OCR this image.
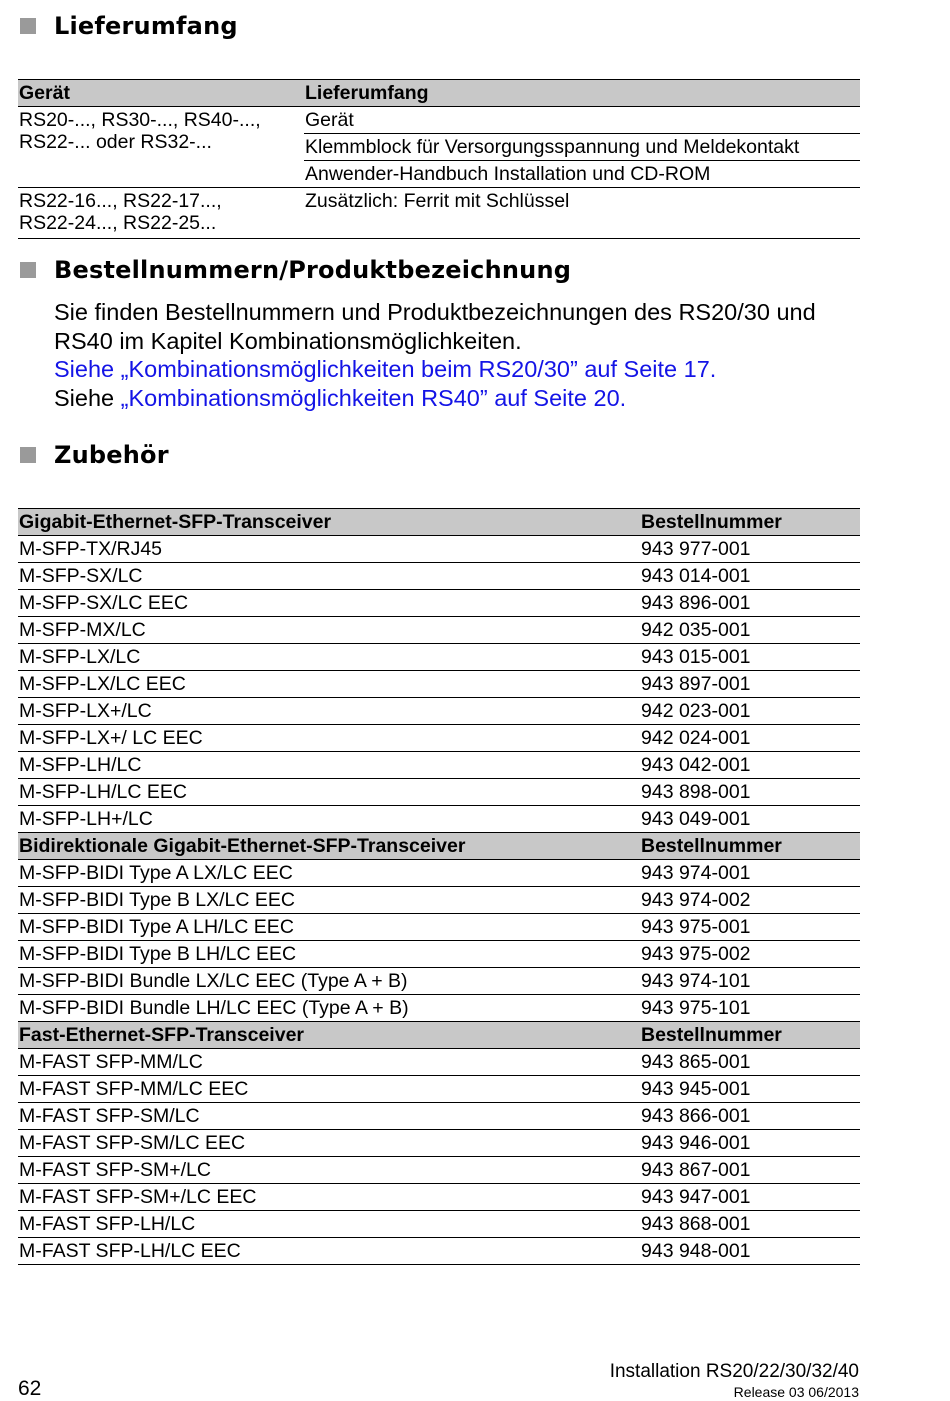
Lieferumfang
Gerät	Lieferumfang

RS20-..., RS30-..., RS40-...,
RS22-... oder RS32-...	Gerät
	Klemmblock für Versorgungsspannung und Meldekontakt
	Anwender-Handbuch Installation und CD-ROM

RS22-16..., RS22-17...,
RS22-24..., RS22-25...	Zusätzlich: Ferrit mit Schlüssel
Bestellnummern/Produktbezeichnung
Sie finden Bestellnummern und Produktbezeichnungen des RS20/30 und
RS40 im Kapitel Kombinationsmöglichkeiten.
Siehe „Kombinationsmöglichkeiten beim RS20/30” auf Seite 17.
Siehe „Kombinationsmöglichkeiten RS40” auf Seite 20.
Zubehör
Gigabit-Ethernet-SFP-Transceiver	Bestellnummer
M-SFP-TX/RJ45	943 977-001
M-SFP-SX/LC	943 014-001
M-SFP-SX/LC EEC	943 896-001
M-SFP-MX/LC	942 035-001
M-SFP-LX/LC	943 015-001
M-SFP-LX/LC EEC	943 897-001
M-SFP-LX+/LC	942 023-001
M-SFP-LX+/ LC EEC	942 024-001
M-SFP-LH/LC	943 042-001
M-SFP-LH/LC EEC	943 898-001
M-SFP-LH+/LC	943 049-001
Bidirektionale Gigabit-Ethernet-SFP-Transceiver	Bestellnummer
M-SFP-BIDI Type A LX/LC EEC	943 974-001
M-SFP-BIDI Type B LX/LC EEC	943 974-002
M-SFP-BIDI Type A LH/LC EEC	943 975-001
M-SFP-BIDI Type B LH/LC EEC	943 975-002
M-SFP-BIDI Bundle LX/LC EEC (Type A + B)	943 974-101
M-SFP-BIDI Bundle LH/LC EEC (Type A + B)	943 975-101
Fast-Ethernet-SFP-Transceiver	Bestellnummer
M-FAST SFP-MM/LC	943 865-001
M-FAST SFP-MM/LC EEC	943 945-001
M-FAST SFP-SM/LC	943 866-001
M-FAST SFP-SM/LC EEC	943 946-001
M-FAST SFP-SM+/LC	943 867-001
M-FAST SFP-SM+/LC EEC	943 947-001
M-FAST SFP-LH/LC	943 868-001
M-FAST SFP-LH/LC EEC	943 948-001
Installation RS20/22/30/32/40
Release 03 06/2013
62
